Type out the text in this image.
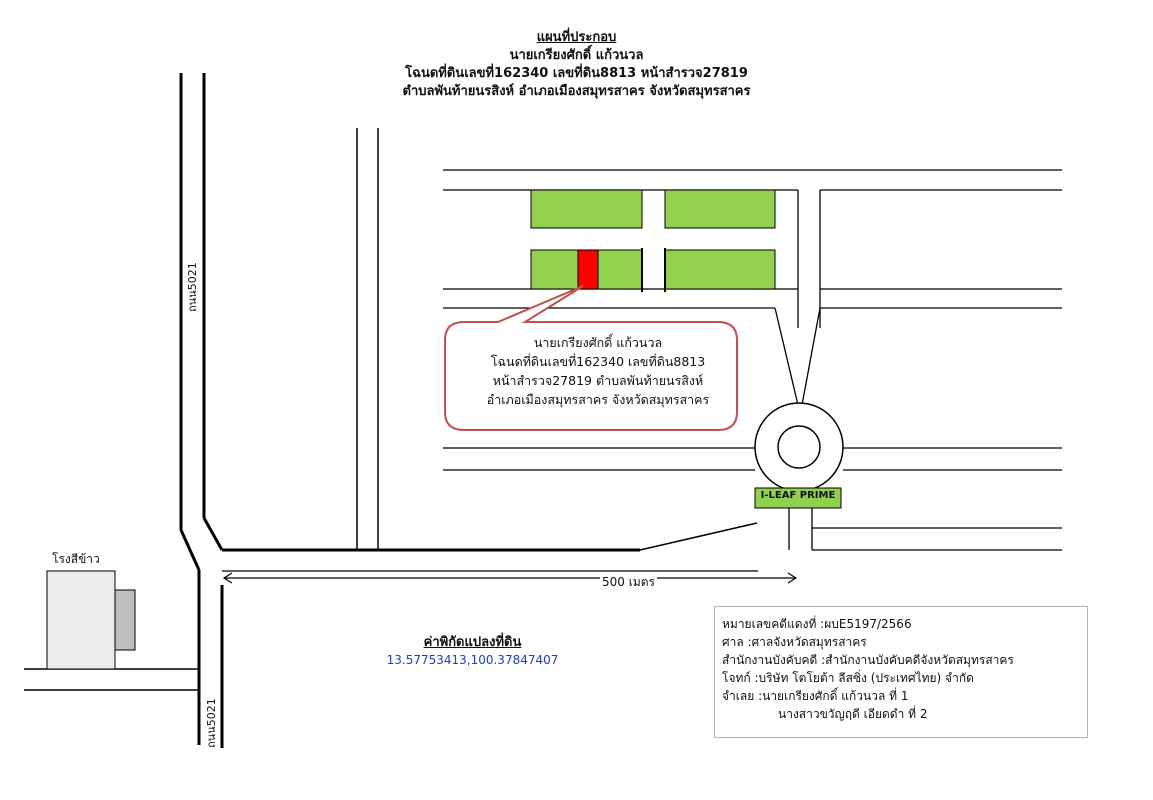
แผนที่ประกอบ
นายเกรียงศักดิ์ แก้วนวล
โฉนดที่ดินเลขที่162340 เลขที่ดิน8813 หน้าสำรวจ27819
ตำบลพันท้ายนรสิงห์ อำเภอเมืองสมุทรสาคร จังหวัดสมุทรสาคร
นายเกรียงศักดิ์ แก้วนวล
โฉนดที่ดินเลขที่162340 เลขที่ดิน8813
หน้าสำรวจ27819 ตำบลพันท้ายนรสิงห์
อำเภอเมืองสมุทรสาคร จังหวัดสมุทรสาคร
ถนน5021
ถนน5021
โรงสีข้าว
I-LEAF PRIME
500 เมตร
ค่าพิกัดแปลงที่ดิน
13.57753413,100.37847407
หมายเลขคดีแดงที่ :ผบE5197/2566
ศาล :ศาลจังหวัดสมุทรสาคร
สำนักงานบังคับคดี :สำนักงานบังคับคดีจังหวัดสมุทรสาคร
โจทก์ :บริษัท โตโยต้า ลีสซิ่ง (ประเทศไทย) จำกัด
จำเลย :นายเกรียงศักดิ์ แก้วนวล ที่ 1
นางสาวขวัญฤดี เอียดดำ ที่ 2
